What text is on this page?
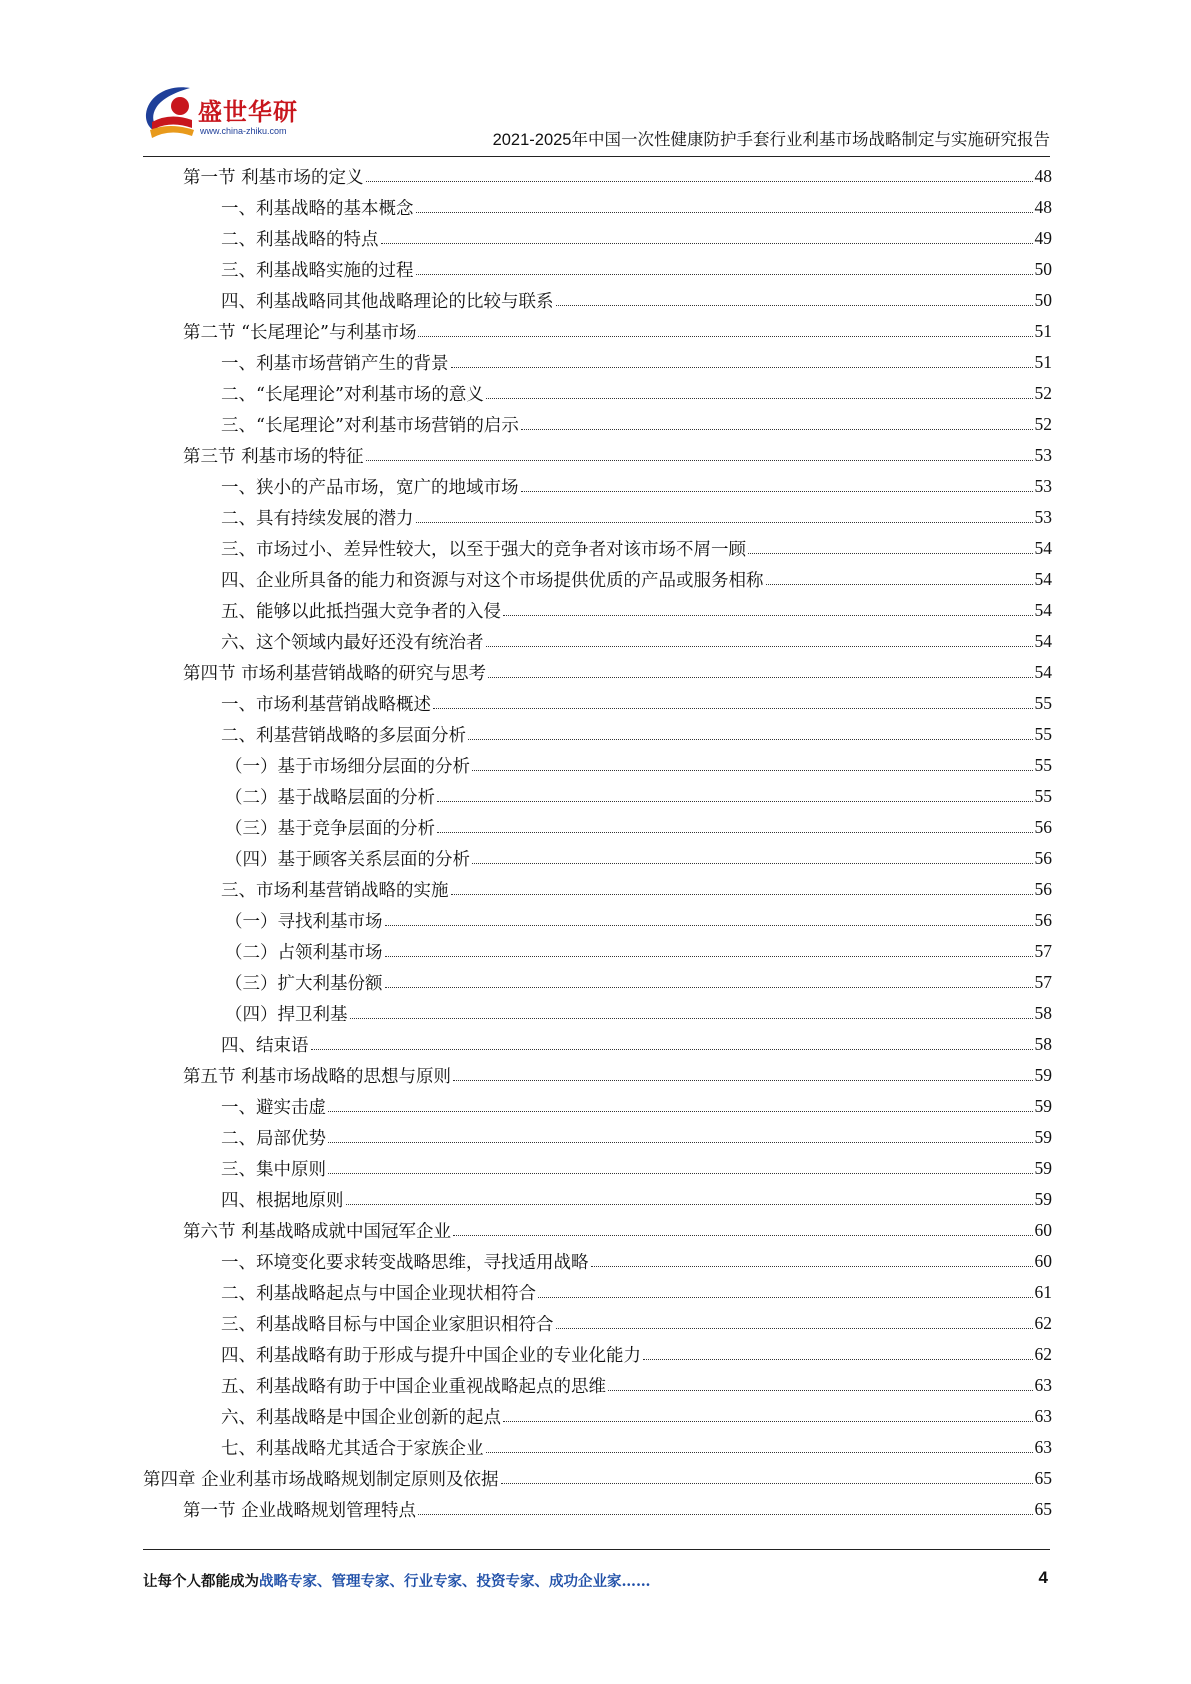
盛世华研
www.china-zhiku.com	2021-2025年中国一次性健康防护手套行业利基市场战略制定与实施研究报告
第一节 利基市场的定义	48
一、利基战略的基本概念	48
二、利基战略的特点	49
三、利基战略实施的过程	50
四、利基战略同其他战略理论的比较与联系	50
第二节 “长尾理论”与利基市场	51
一、利基市场营销产生的背景	51
二、“长尾理论”对利基市场的意义	52
三、“长尾理论”对利基市场营销的启示	52
第三节 利基市场的特征	53
一、狭小的产品市场，宽广的地域市场	53
二、具有持续发展的潜力	53
三、市场过小、差异性较大，以至于强大的竞争者对该市场不屑一顾	54
四、企业所具备的能力和资源与对这个市场提供优质的产品或服务相称	54
五、能够以此抵挡强大竞争者的入侵	54
六、这个领域内最好还没有统治者	54
第四节 市场利基营销战略的研究与思考	54
一、市场利基营销战略概述	55
二、利基营销战略的多层面分析	55
（一）基于市场细分层面的分析	55
（二）基于战略层面的分析	55
（三）基于竞争层面的分析	56
（四）基于顾客关系层面的分析	56
三、市场利基营销战略的实施	56
（一）寻找利基市场	56
（二）占领利基市场	57
（三）扩大利基份额	57
（四）捍卫利基	58
四、结束语	58
第五节 利基市场战略的思想与原则	59
一、避实击虚	59
二、局部优势	59
三、集中原则	59
四、根据地原则	59
第六节 利基战略成就中国冠军企业	60
一、环境变化要求转变战略思维，寻找适用战略	60
二、利基战略起点与中国企业现状相符合	61
三、利基战略目标与中国企业家胆识相符合	62
四、利基战略有助于形成与提升中国企业的专业化能力	62
五、利基战略有助于中国企业重视战略起点的思维	63
六、利基战略是中国企业创新的起点	63
七、利基战略尤其适合于家族企业	63
第四章 企业利基市场战略规划制定原则及依据	65
第一节 企业战略规划管理特点	65
让每个人都能成为战略专家、管理专家、行业专家、投资专家、成功企业家……	4
